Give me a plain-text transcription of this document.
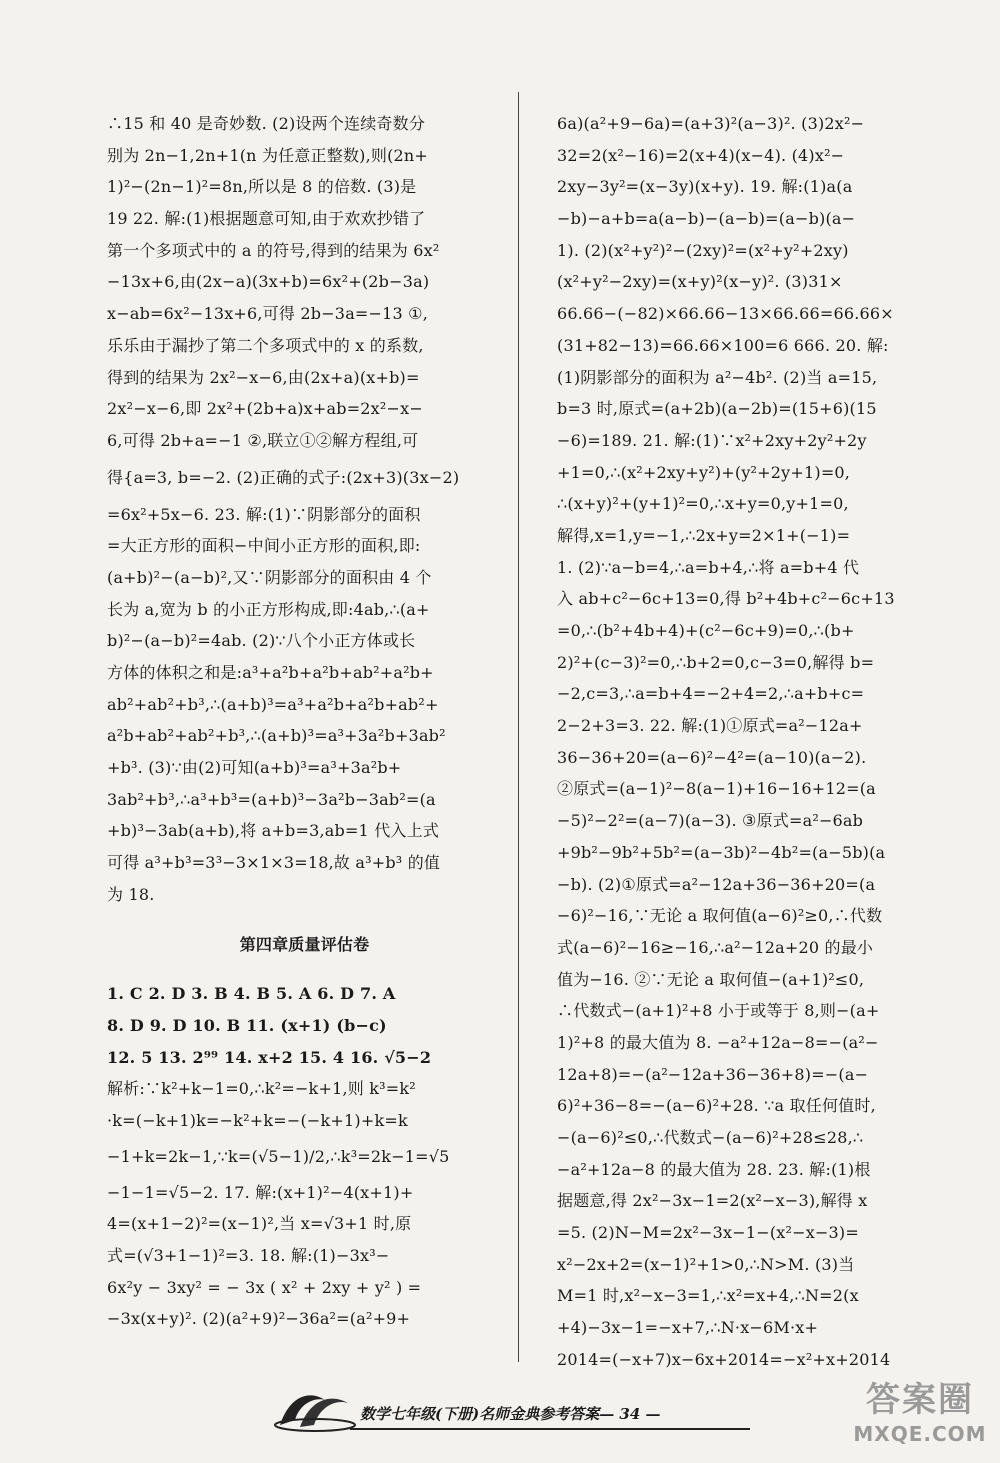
∴15 和 40 是奇妙数. (2)设两个连续奇数分
别为 2n−1,2n+1(n 为任意正整数),则(2n+
1)²−(2n−1)²=8n,所以是 8 的倍数. (3)是
19 22. 解:(1)根据题意可知,由于欢欢抄错了
第一个多项式中的 a 的符号,得到的结果为 6x²
−13x+6,由(2x−a)(3x+b)=6x²+(2b−3a)
x−ab=6x²−13x+6,可得 2b−3a=−13 ①,
乐乐由于漏抄了第二个多项式中的 x 的系数,
得到的结果为 2x²−x−6,由(2x+a)(x+b)=
2x²−x−6,即 2x²+(2b+a)x+ab=2x²−x−
6,可得 2b+a=−1 ②,联立①②解方程组,可
得{a=3, b=−2. (2)正确的式子:(2x+3)(3x−2)
=6x²+5x−6. 23. 解:(1)∵阴影部分的面积
=大正方形的面积−中间小正方形的面积,即:
(a+b)²−(a−b)²,又∵阴影部分的面积由 4 个
长为 a,宽为 b 的小正方形构成,即:4ab,∴(a+
b)²−(a−b)²=4ab. (2)∵八个小正方体或长
方体的体积之和是:a³+a²b+a²b+ab²+a²b+
ab²+ab²+b³,∴(a+b)³=a³+a²b+a²b+ab²+
a²b+ab²+ab²+b³,∴(a+b)³=a³+3a²b+3ab²
+b³. (3)∵由(2)可知(a+b)³=a³+3a²b+
3ab²+b³,∴a³+b³=(a+b)³−3a²b−3ab²=(a
+b)³−3ab(a+b),将 a+b=3,ab=1 代入上式
可得 a³+b³=3³−3×1×3=18,故 a³+b³ 的值
为 18.
第四章质量评估卷
1. C 2. D 3. B 4. B 5. A 6. D 7. A
8. D 9. D 10. B 11. (x+1) (b−c)
12. 5 13. 2⁹⁹ 14. x+2 15. 4 16. √5−2
解析:∵k²+k−1=0,∴k²=−k+1,则 k³=k²
·k=(−k+1)k=−k²+k=−(−k+1)+k=k
−1+k=2k−1,∵k=(√5−1)/2,∴k³=2k−1=√5
−1−1=√5−2. 17. 解:(x+1)²−4(x+1)+
4=(x+1−2)²=(x−1)²,当 x=√3+1 时,原
式=(√3+1−1)²=3. 18. 解:(1)−3x³−
6x²y − 3xy² = − 3x ( x² + 2xy + y² ) =
−3x(x+y)². (2)(a²+9)²−36a²=(a²+9+
6a)(a²+9−6a)=(a+3)²(a−3)². (3)2x²−
32=2(x²−16)=2(x+4)(x−4). (4)x²−
2xy−3y²=(x−3y)(x+y). 19. 解:(1)a(a
−b)−a+b=a(a−b)−(a−b)=(a−b)(a−
1). (2)(x²+y²)²−(2xy)²=(x²+y²+2xy)
(x²+y²−2xy)=(x+y)²(x−y)². (3)31×
66.66−(−82)×66.66−13×66.66=66.66×
(31+82−13)=66.66×100=6 666. 20. 解:
(1)阴影部分的面积为 a²−4b². (2)当 a=15,
b=3 时,原式=(a+2b)(a−2b)=(15+6)(15
−6)=189. 21. 解:(1)∵x²+2xy+2y²+2y
+1=0,∴(x²+2xy+y²)+(y²+2y+1)=0,
∴(x+y)²+(y+1)²=0,∴x+y=0,y+1=0,
解得,x=1,y=−1,∴2x+y=2×1+(−1)=
1. (2)∵a−b=4,∴a=b+4,∴将 a=b+4 代
入 ab+c²−6c+13=0,得 b²+4b+c²−6c+13
=0,∴(b²+4b+4)+(c²−6c+9)=0,∴(b+
2)²+(c−3)²=0,∴b+2=0,c−3=0,解得 b=
−2,c=3,∴a=b+4=−2+4=2,∴a+b+c=
2−2+3=3. 22. 解:(1)①原式=a²−12a+
36−36+20=(a−6)²−4²=(a−10)(a−2).
②原式=(a−1)²−8(a−1)+16−16+12=(a
−5)²−2²=(a−7)(a−3). ③原式=a²−6ab
+9b²−9b²+5b²=(a−3b)²−4b²=(a−5b)(a
−b). (2)①原式=a²−12a+36−36+20=(a
−6)²−16,∵无论 a 取何值(a−6)²≥0,∴代数
式(a−6)²−16≥−16,∴a²−12a+20 的最小
值为−16. ②∵无论 a 取何值−(a+1)²≤0,
∴代数式−(a+1)²+8 小于或等于 8,则−(a+
1)²+8 的最大值为 8. −a²+12a−8=−(a²−
12a+8)=−(a²−12a+36−36+8)=−(a−
6)²+36−8=−(a−6)²+28. ∵a 取任何值时,
−(a−6)²≤0,∴代数式−(a−6)²+28≤28,∴
−a²+12a−8 的最大值为 28. 23. 解:(1)根
据题意,得 2x²−3x−1=2(x²−x−3),解得 x
=5. (2)N−M=2x²−3x−1−(x²−x−3)=
x²−2x+2=(x−1)²+1>0,∴N>M. (3)当
M=1 时,x²−x−3=1,∴x²=x+4,∴N=2(x
+4)−3x−1=−x+7,∴N·x−6M·x+
2014=(−x+7)x−6x+2014=−x²+x+2014
数学七年级(下册)名师金典参考答案— 34 —	答案圈
MXQE.COM
